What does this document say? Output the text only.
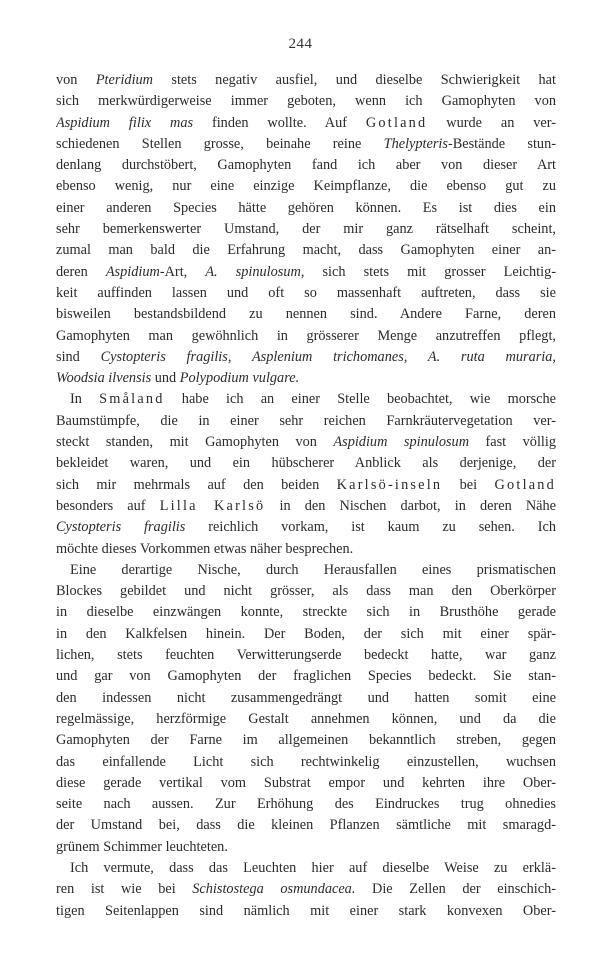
244
von Pteridium stets negativ ausfiel, und dieselbe Schwierigkeit hat
sich merkwürdigerweise immer geboten, wenn ich Gamophyten von
Aspidium filix mas finden wollte. Auf Gotland wurde an ver-
schiedenen Stellen grosse, beinahe reine Thelypteris-Bestände stun-
denlang durchstöbert, Gamophyten fand ich aber von dieser Art
ebenso wenig, nur eine einzige Keimpflanze, die ebenso gut zu
einer anderen Species hätte gehören können. Es ist dies ein
sehr bemerkenswerter Umstand, der mir ganz rätselhaft scheint,
zumal man bald die Erfahrung macht, dass Gamophyten einer an-
deren Aspidium-Art, A. spinulosum, sich stets mit grosser Leichtig-
keit auffinden lassen und oft so massenhaft auftreten, dass sie
bisweilen bestandsbildend zu nennen sind. Andere Farne, deren
Gamophyten man gewöhnlich in grösserer Menge anzutreffen pflegt,
sind Cystopteris fragilis, Asplenium trichomanes, A. ruta muraria,
Woodsia ilvensis und Polypodium vulgare.
In Småland habe ich an einer Stelle beobachtet, wie morsche
Baumstümpfe, die in einer sehr reichen Farnkräutervegetation ver-
steckt standen, mit Gamophyten von Aspidium spinulosum fast völlig
bekleidet waren, und ein hübscherer Anblick als derjenige, der
sich mir mehrmals auf den beiden Karlsö-inseln bei Gotland
besonders auf Lilla Karlsö in den Nischen darbot, in deren Nähe
Cystopteris fragilis reichlich vorkam, ist kaum zu sehen. Ich
möchte dieses Vorkommen etwas näher besprechen.
Eine derartige Nische, durch Herausfallen eines prismatischen
Blockes gebildet und nicht grösser, als dass man den Oberkörper
in dieselbe einzwängen konnte, streckte sich in Brusthöhe gerade
in den Kalkfelsen hinein. Der Boden, der sich mit einer spär-
lichen, stets feuchten Verwitterungserde bedeckt hatte, war ganz
und gar von Gamophyten der fraglichen Species bedeckt. Sie stan-
den indessen nicht zusammengedrängt und hatten somit eine
regelmässige, herzförmige Gestalt annehmen können, und da die
Gamophyten der Farne im allgemeinen bekanntlich streben, gegen
das einfallende Licht sich rechtwinkelig einzustellen, wuchsen
diese gerade vertikal vom Substrat empor und kehrten ihre Ober-
seite nach aussen. Zur Erhöhung des Eindruckes trug ohnedies
der Umstand bei, dass die kleinen Pflanzen sämtliche mit smaragd-
grünem Schimmer leuchteten.
Ich vermute, dass das Leuchten hier auf dieselbe Weise zu erklä-
ren ist wie bei Schistostega osmundacea. Die Zellen der einschich-
tigen Seitenlappen sind nämlich mit einer stark konvexen Ober-
